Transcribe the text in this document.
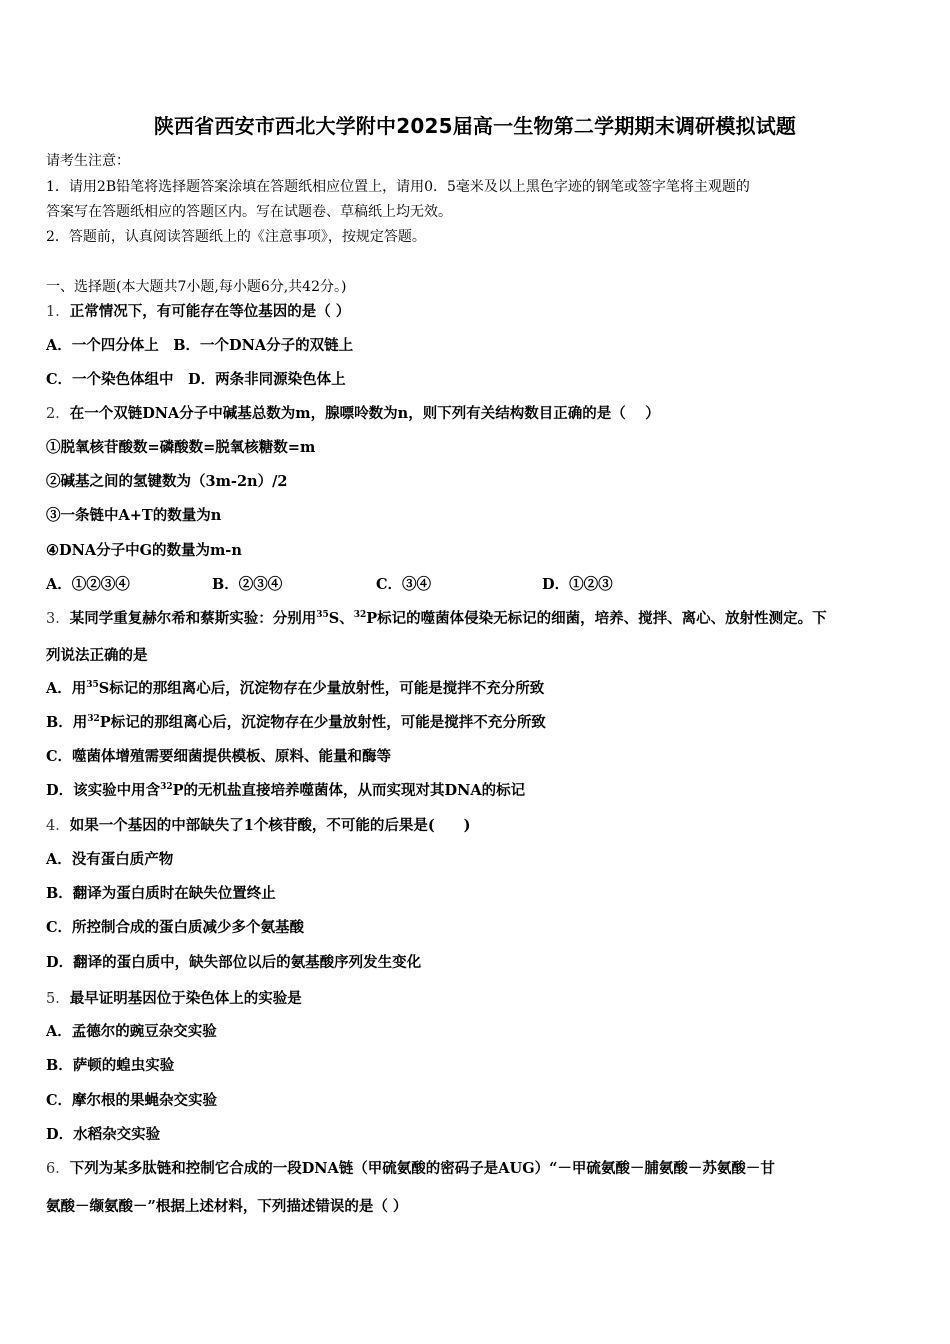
陕西省西安市西北大学附中2025届高一生物第二学期期末调研模拟试题
请考生注意：
1．请用2B铅笔将选择题答案涂填在答题纸相应位置上，请用0．5毫米及以上黑色字迹的钢笔或签字笔将主观题的
答案写在答题纸相应的答题区内。写在试题卷、草稿纸上均无效。
2．答题前，认真阅读答题纸上的《注意事项》，按规定答题。
一、选择题(本大题共7小题,每小题6分,共42分。)
1．正常情况下，有可能存在等位基因的是（ ）
A．一个四分体上　B．一个DNA分子的双链上
C．一个染色体组中　D．两条非同源染色体上
2．在一个双链DNA分子中碱基总数为m，腺嘌呤数为n，则下列有关结构数目正确的是（　 ）
①脱氧核苷酸数=磷酸数=脱氧核糖数=m
②碱基之间的氢键数为（3m-2n）/2
③一条链中A+T的数量为n
④DNA分子中G的数量为m-n
A．①②③④	B．②③④	C．③④	D．①②③
3．某同学重复赫尔希和蔡斯实验：分别用$^{35}$S、$^{32}$P标记的噬菌体侵染无标记的细菌，培养、搅拌、离心、放射性测定。下
列说法正确的是
A．用$^{35}$S标记的那组离心后，沉淀物存在少量放射性，可能是搅拌不充分所致
B．用$^{32}$P标记的那组离心后，沉淀物存在少量放射性，可能是搅拌不充分所致
C．噬菌体增殖需要细菌提供模板、原料、能量和酶等
D．该实验中用含$^{32}$P的无机盐直接培养噬菌体，从而实现对其DNA的标记
4．如果一个基因的中部缺失了1个核苷酸，不可能的后果是(　　)
A．没有蛋白质产物
B．翻译为蛋白质时在缺失位置终止
C．所控制合成的蛋白质减少多个氨基酸
D．翻译的蛋白质中，缺失部位以后的氨基酸序列发生变化
5．最早证明基因位于染色体上的实验是
A．孟德尔的豌豆杂交实验
B．萨顿的蝗虫实验
C．摩尔根的果蝇杂交实验
D．水稻杂交实验
6．下列为某多肽链和控制它合成的一段DNA链（甲硫氨酸的密码子是AUG）“－甲硫氨酸－脯氨酸－苏氨酸－甘
氨酸－缬氨酸－”根据上述材料，下列描述错误的是（ ）
